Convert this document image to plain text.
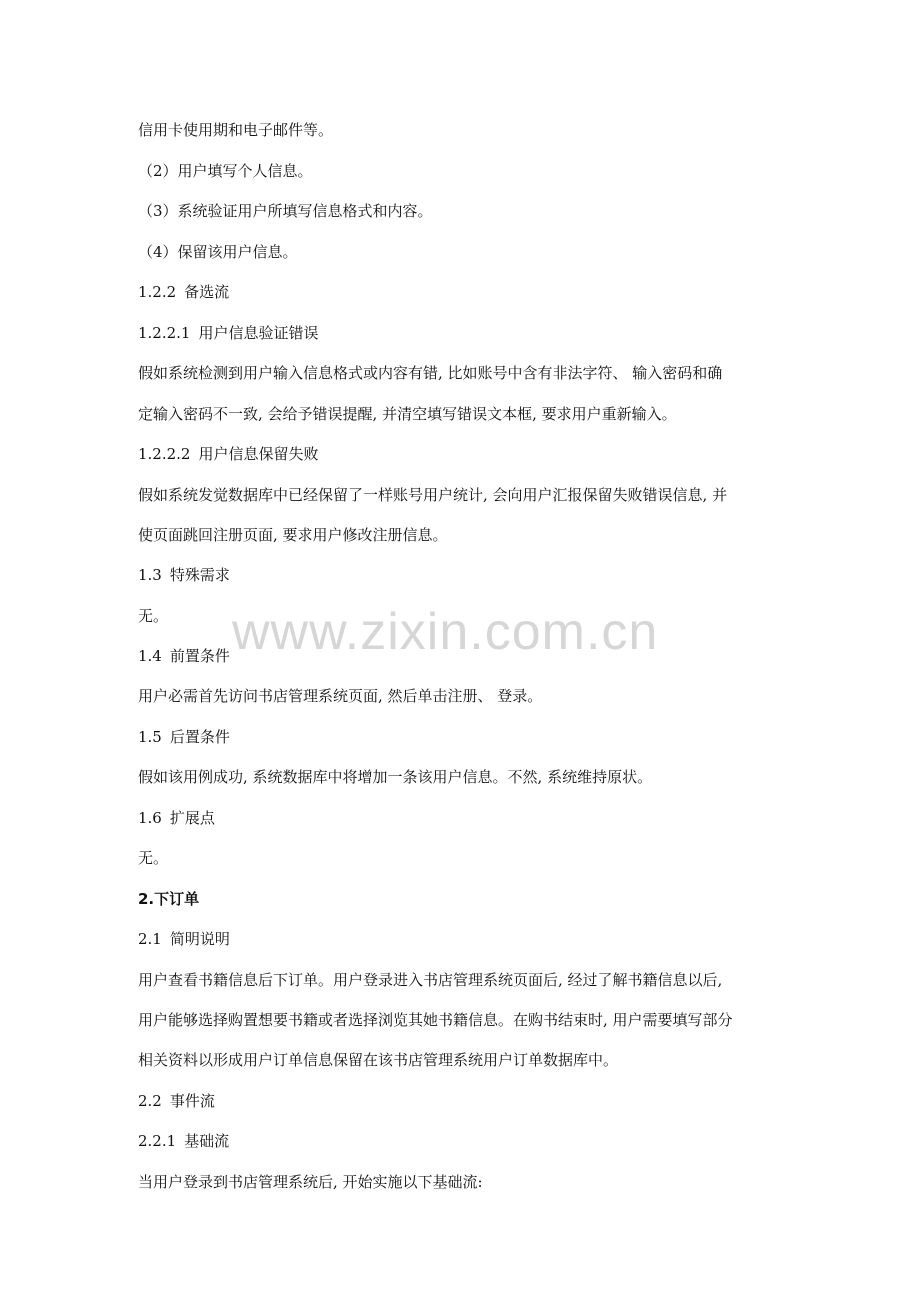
www.zixin.com.cn
信用卡使用期和电子邮件等。
（2）用户填写个人信息。
（3）系统验证用户所填写信息格式和内容。
（4）保留该用户信息。
1.2.2 备选流
1.2.2.1 用户信息验证错误
假如系统检测到用户输入信息格式或内容有错, 比如账号中含有非法字符、 输入密码和确
定输入密码不一致, 会给予错误提醒, 并清空填写错误文本框, 要求用户重新输入。
1.2.2.2 用户信息保留失败
假如系统发觉数据库中已经保留了一样账号用户统计, 会向用户汇报保留失败错误信息, 并
使页面跳回注册页面, 要求用户修改注册信息。
1.3 特殊需求
无。
1.4 前置条件
用户必需首先访问书店管理系统页面, 然后单击注册、 登录。
1.5 后置条件
假如该用例成功, 系统数据库中将增加一条该用户信息。不然, 系统维持原状。
1.6 扩展点
无。
2.下订单
2.1 简明说明
用户查看书籍信息后下订单。用户登录进入书店管理系统页面后, 经过了解书籍信息以后,
用户能够选择购置想要书籍或者选择浏览其她书籍信息。在购书结束时, 用户需要填写部分
相关资料以形成用户订单信息保留在该书店管理系统用户订单数据库中。
2.2 事件流
2.2.1 基础流
当用户登录到书店管理系统后, 开始实施以下基础流:
